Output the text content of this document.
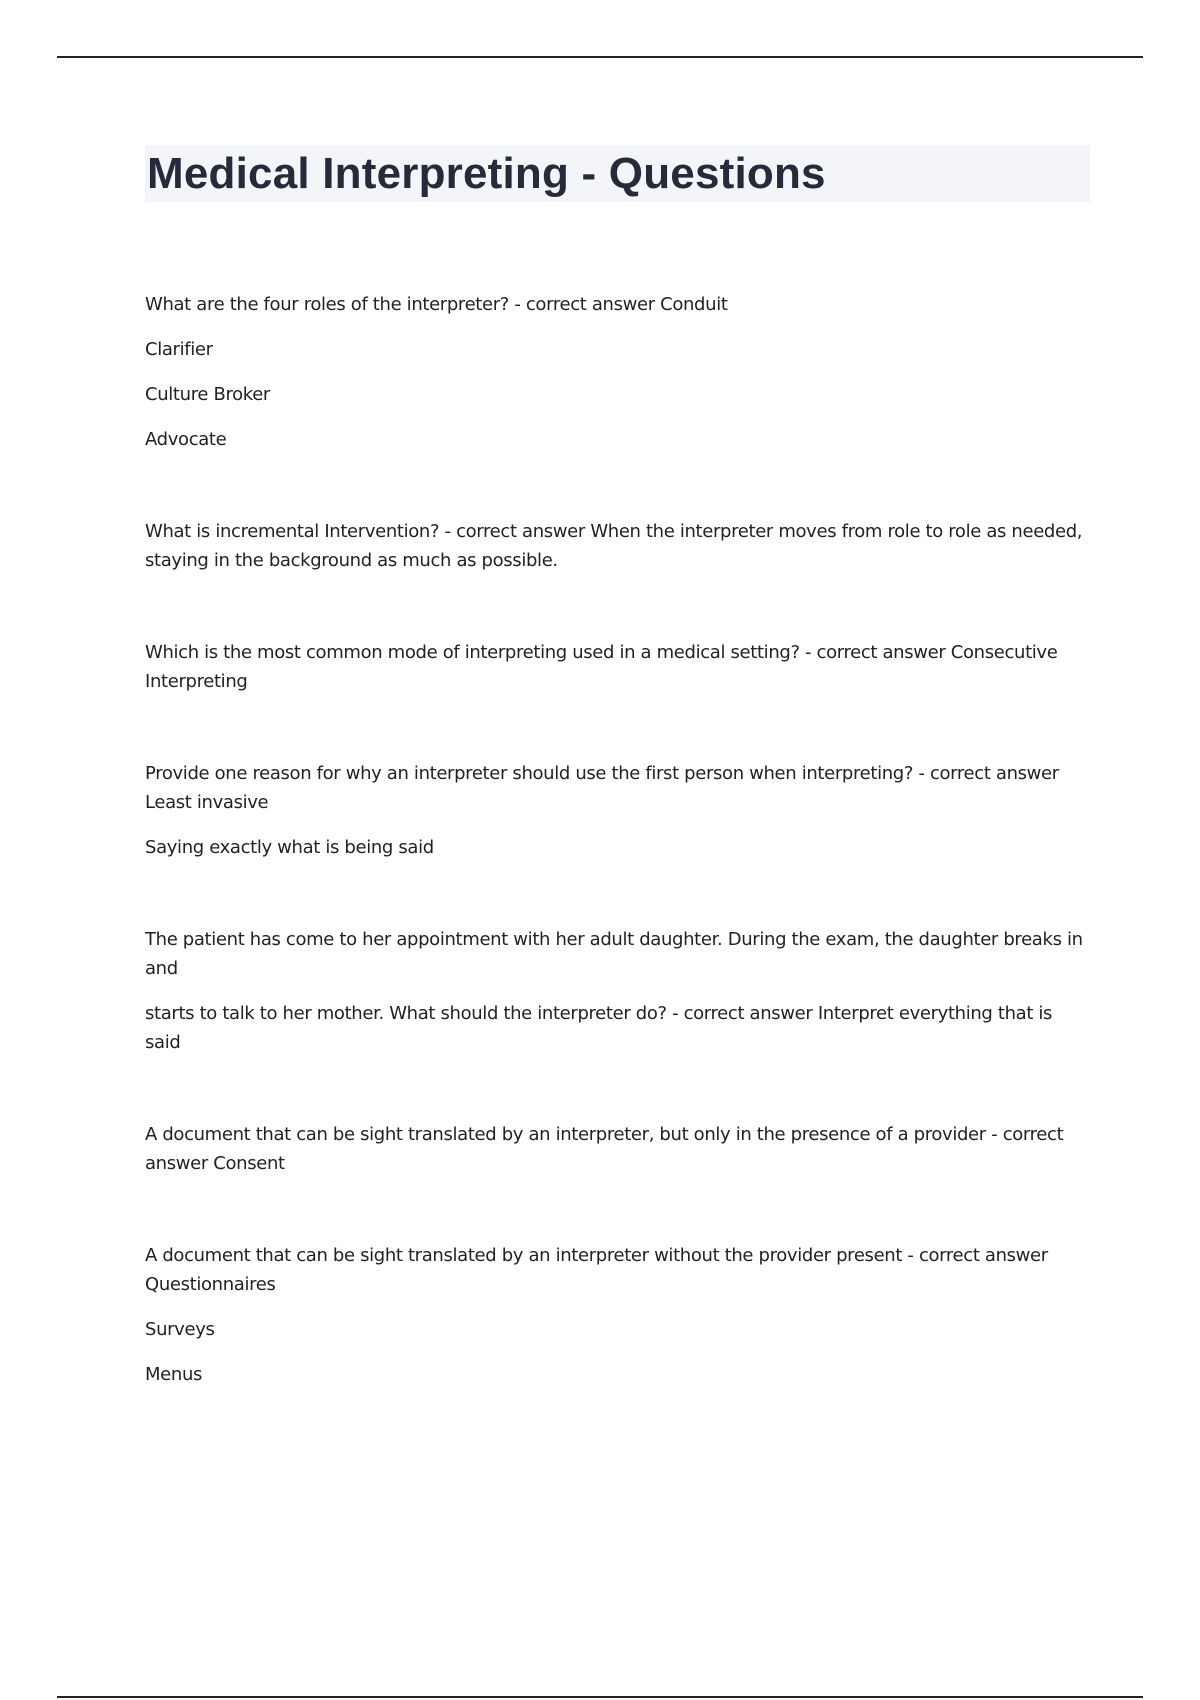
Medical Interpreting - Questions

What are the four roles of the interpreter? - correct answer Conduit

Clarifier

Culture Broker

Advocate

What is incremental Intervention? - correct answer When the interpreter moves from role to role as needed, staying in the background as much as possible.

Which is the most common mode of interpreting used in a medical setting? - correct answer Consecutive Interpreting

Provide one reason for why an interpreter should use the first person when interpreting? - correct answer Least invasive

Saying exactly what is being said

The patient has come to her appointment with her adult daughter. During the exam, the daughter breaks in and

starts to talk to her mother. What should the interpreter do? - correct answer Interpret everything that is said

A document that can be sight translated by an interpreter, but only in the presence of a provider - correct answer Consent

A document that can be sight translated by an interpreter without the provider present - correct answer Questionnaires

Surveys

Menus
